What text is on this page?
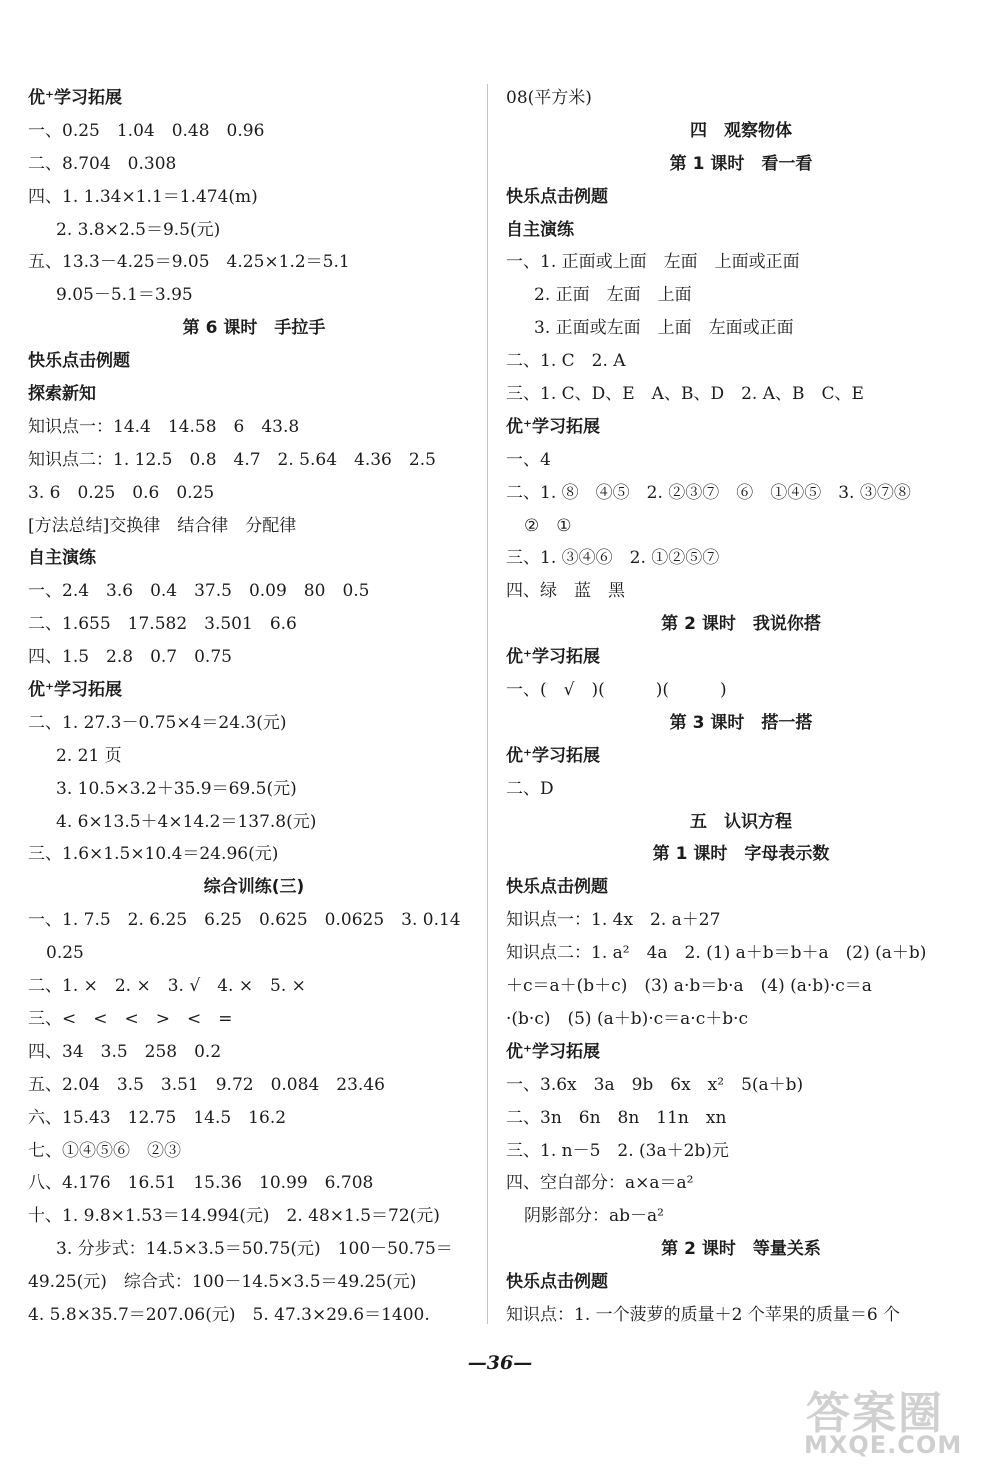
优⁺学习拓展
一、0.25　1.04　0.48　0.96
二、8.704　0.308
四、1. 1.34×1.1＝1.474(m)
2. 3.8×2.5＝9.5(元)
五、13.3－4.25＝9.05　4.25×1.2＝5.1
9.05－5.1＝3.95
第 6 课时　手拉手
快乐点击例题
探索新知
知识点一：14.4　14.58　6　43.8
知识点二：1. 12.5　0.8　4.7　2. 5.64　4.36　2.5
3. 6　0.25　0.6　0.25
[方法总结]交换律　结合律　分配律
自主演练
一、2.4　3.6　0.4　37.5　0.09　80　0.5
二、1.655　17.582　3.501　6.6
四、1.5　2.8　0.7　0.75
优⁺学习拓展
二、1. 27.3－0.75×4＝24.3(元)
2. 21 页
3. 10.5×3.2＋35.9＝69.5(元)
4. 6×13.5＋4×14.2＝137.8(元)
三、1.6×1.5×10.4＝24.96(元)
综合训练(三)
一、1. 7.5　2. 6.25　6.25　0.625　0.0625　3. 0.14
0.25
二、1. ×　2. ×　3. √　4. ×　5. ×
三、<　<　<　>　<　=
四、34　3.5　258　0.2
五、2.04　3.5　3.51　9.72　0.084　23.46
六、15.43　12.75　14.5　16.2
七、①④⑤⑥　②③
八、4.176　16.51　15.36　10.99　6.708
十、1. 9.8×1.53＝14.994(元)　2. 48×1.5＝72(元)
3. 分步式：14.5×3.5＝50.75(元)　100－50.75＝
49.25(元)　综合式：100－14.5×3.5＝49.25(元)
4. 5.8×35.7＝207.06(元)　5. 47.3×29.6＝1400.
08(平方米)
四　观察物体
第 1 课时　看一看
快乐点击例题
自主演练
一、1. 正面或上面　左面　上面或正面
2. 正面　左面　上面
3. 正面或左面　上面　左面或正面
二、1. C　2. A
三、1. C、D、E　A、B、D　2. A、B　C、E
优⁺学习拓展
一、4
二、1. ⑧　④⑤　2. ②③⑦　⑥　①④⑤　3. ③⑦⑧
②　①
三、1. ③④⑥　2. ①②⑤⑦
四、绿　蓝　黑
第 2 课时　我说你搭
优⁺学习拓展
一、(　√　)(　　　)(　　　)
第 3 课时　搭一搭
优⁺学习拓展
二、D
五　认识方程
第 1 课时　字母表示数
快乐点击例题
知识点一：1. 4x　2. a＋27
知识点二：1. a²　4a　2. (1) a＋b＝b＋a　(2) (a＋b)
＋c＝a＋(b＋c)　(3) a·b＝b·a　(4) (a·b)·c＝a
·(b·c)　(5) (a＋b)·c＝a·c＋b·c
优⁺学习拓展
一、3.6x　3a　9b　6x　x²　5(a＋b)
二、3n　6n　8n　11n　xn
三、1. n－5　2. (3a＋2b)元
四、空白部分：a×a＝a²
阴影部分：ab－a²
第 2 课时　等量关系
快乐点击例题
知识点：1. 一个菠萝的质量＋2 个苹果的质量＝6 个
—36—
答案圈
MXQE.COM
